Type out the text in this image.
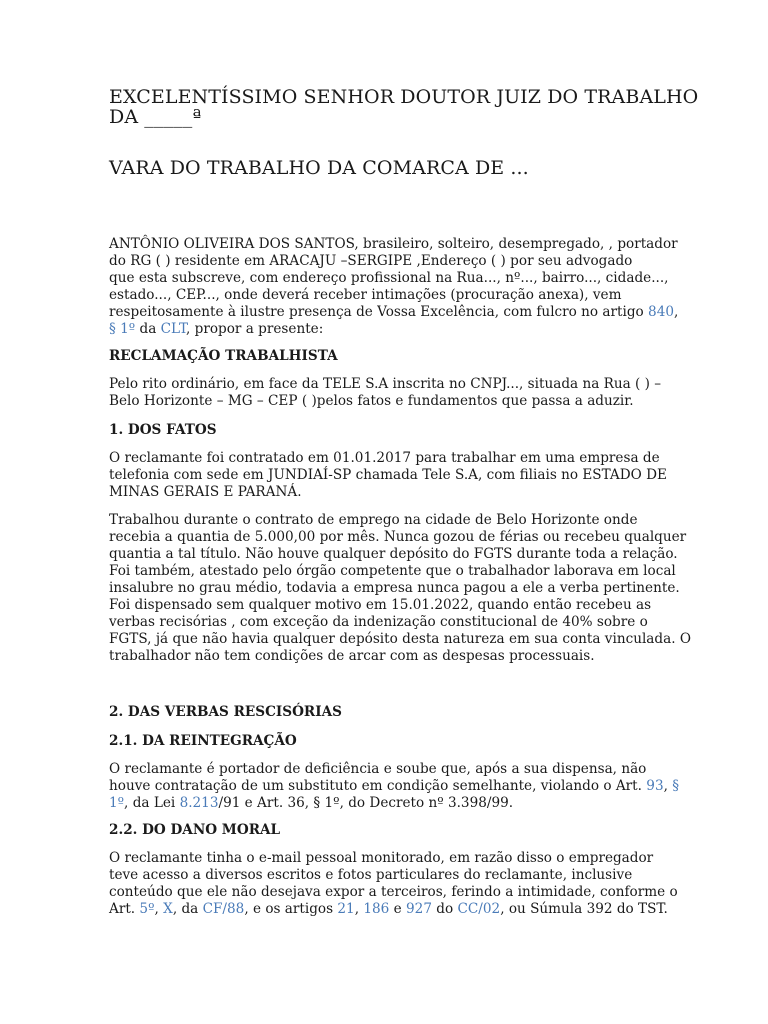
EXCELENTÍSSIMO SENHOR DOUTOR JUIZ DO TRABALHO
DA _____ª
VARA DO TRABALHO DA COMARCA DE ...
ANTÔNIO OLIVEIRA DOS SANTOS, brasileiro, solteiro, desempregado, , portador
do RG ( ) residente em ARACAJU –SERGIPE ,Endereço ( ) por seu advogado
que esta subscreve, com endereço profissional na Rua..., nº..., bairro..., cidade...,
estado..., CEP..., onde deverá receber intimações (procuração anexa), vem
respeitosamente à ilustre presença de Vossa Excelência, com fulcro no artigo 840,
§ 1º da CLT, propor a presente:
RECLAMAÇÃO TRABALHISTA
Pelo rito ordinário, em face da TELE S.A inscrita no CNPJ..., situada na Rua ( ) –
Belo Horizonte – MG – CEP ( )pelos fatos e fundamentos que passa a aduzir.
1. DOS FATOS
O reclamante foi contratado em 01.01.2017 para trabalhar em uma empresa de
telefonia com sede em JUNDIAÍ-SP chamada Tele S.A, com filiais no ESTADO DE
MINAS GERAIS E PARANÁ.
Trabalhou durante o contrato de emprego na cidade de Belo Horizonte onde
recebia a quantia de 5.000,00 por mês. Nunca gozou de férias ou recebeu qualquer
quantia a tal título. Não houve qualquer depósito do FGTS durante toda a relação.
Foi também, atestado pelo órgão competente que o trabalhador laborava em local
insalubre no grau médio, todavia a empresa nunca pagou a ele a verba pertinente.
Foi dispensado sem qualquer motivo em 15.01.2022, quando então recebeu as
verbas recisórias , com exceção da indenização constitucional de 40% sobre o
FGTS, já que não havia qualquer depósito desta natureza em sua conta vinculada. O
trabalhador não tem condições de arcar com as despesas processuais.
2. DAS VERBAS RESCISÓRIAS
2.1. DA REINTEGRAÇÃO
O reclamante é portador de deficiência e soube que, após a sua dispensa, não
houve contratação de um substituto em condição semelhante, violando o Art. 93, §
1º, da Lei 8.213/91 e Art. 36, § 1º, do Decreto nº 3.398/99.
2.2. DO DANO MORAL
O reclamante tinha o e-mail pessoal monitorado, em razão disso o empregador
teve acesso a diversos escritos e fotos particulares do reclamante, inclusive
conteúdo que ele não desejava expor a terceiros, ferindo a intimidade, conforme o
Art. 5º, X, da CF/88, e os artigos 21, 186 e 927 do CC/02, ou Súmula 392 do TST.
